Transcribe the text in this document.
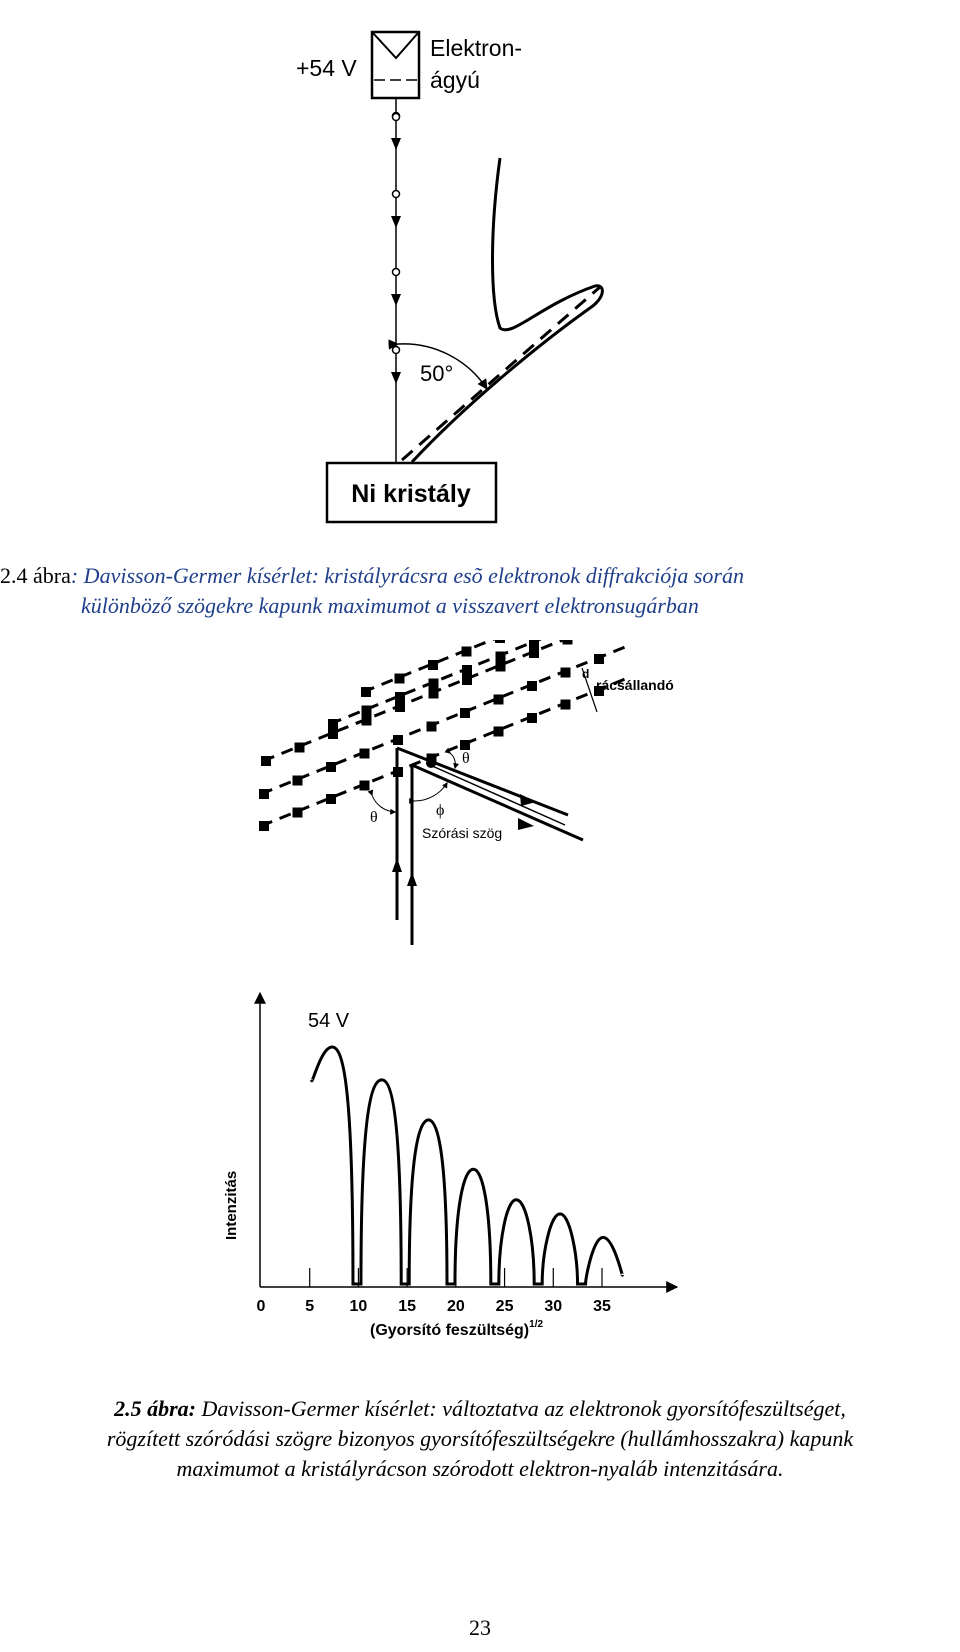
+54 V
Elektron-
ágyú
50°
Ni kristály
2.4 ábra: Davisson-Germer kísérlet: kristályrácsra esõ elektronok diffrakciója során
különböző szögekre kapunk maximumot a visszavert elektronsugárban
d
rácsállandó
θ
θ	ϕ
Szórási szög
0 5 10 15 20 25 30 35
54 V
Intenzitás
(Gyorsító feszültség)$^{1/2}$
2.5 ábra: Davisson-Germer kísérlet: változtatva az elektronok gyorsítófeszültséget,
rögzített szóródási szögre bizonyos gyorsítófeszültségekre (hullámhosszakra) kapunk
maximumot a kristályrácson szórodott elektron-nyaláb intenzitására.
23
